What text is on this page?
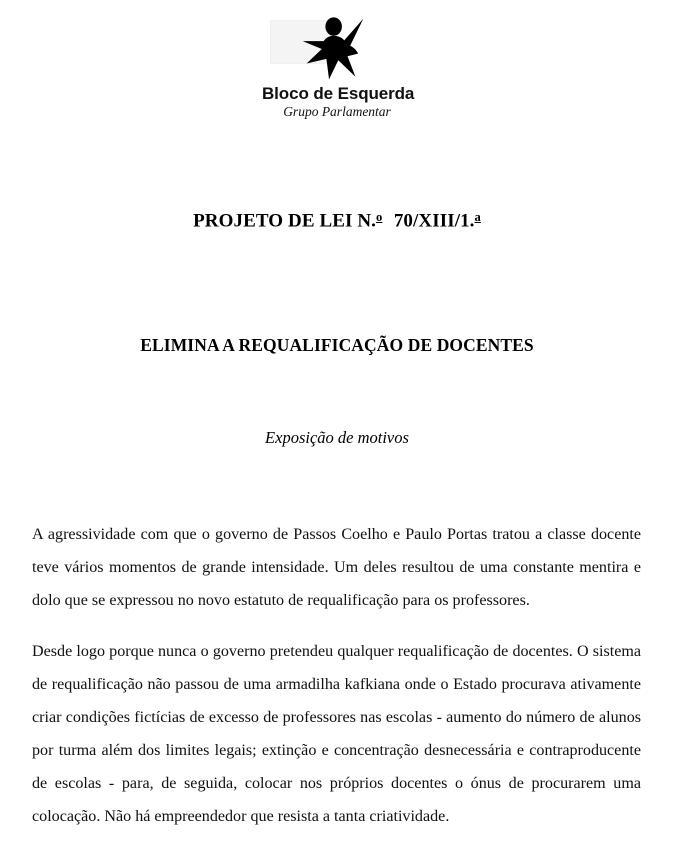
Bloco de Esquerda
Grupo Parlamentar
PROJETO DE LEI N.$^o$ 70/XIII/1.$^a$
ELIMINA A REQUALIFICAÇÃO DE DOCENTES
Exposição de motivos

A agressividade com que o governo de Passos Coelho e Paulo Portas tratou a classe docente teve vários momentos de grande intensidade. Um deles resultou de uma constante mentira e dolo que se expressou no novo estatuto de requalificação para os professores.

Desde logo porque nunca o governo pretendeu qualquer requalificação de docentes. O sistema de requalificação não passou de uma armadilha kafkiana onde o Estado procurava ativamente criar condições fictícias de excesso de professores nas escolas - aumento do número de alunos por turma além dos limites legais; extinção e concentração desnecessária e contraproducente de escolas - para, de seguida, colocar nos próprios docentes o ónus de procurarem uma colocação. Não há empreendedor que resista a tanta criatividade.
